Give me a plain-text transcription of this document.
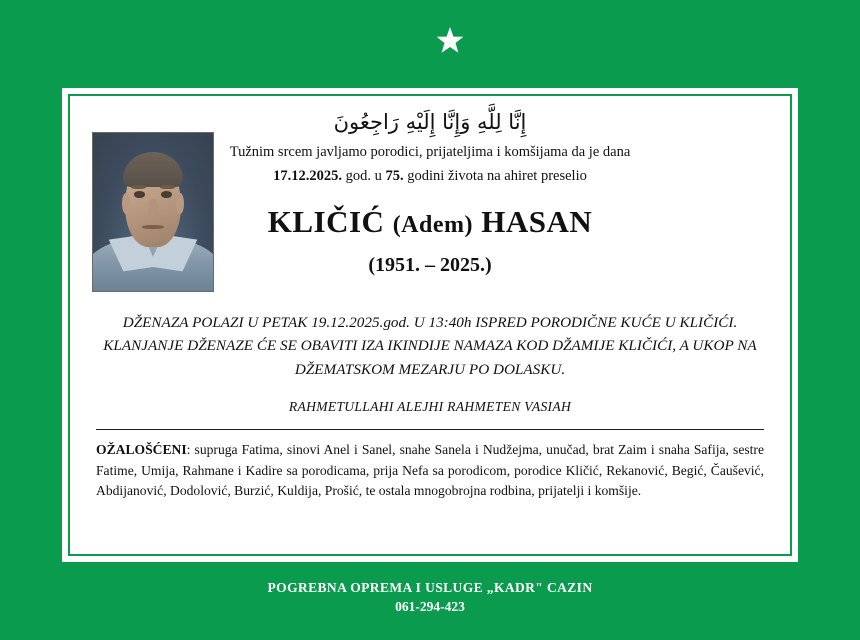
إِنَّا لِلَّهِ وَإِنَّا إِلَيْهِ رَاجِعُونَ
Tužnim srcem javljamo porodici, prijateljima i komšijama da je dana
17.12.2025. god. u 75. godini života na ahiret preselio
KLIČIĆ (Adem) HASAN
(1951. – 2025.)
DŽENAZA POLAZI U PETAK 19.12.2025.god. U 13:40h ISPRED PORODIČNE KUĆE U KLIČIĆI. KLANJANJE DŽENAZE ĆE SE OBAVITI IZA IKINDIJE NAMAZA KOD DŽAMIJE KLIČIĆI, A UKOP NA DŽEMATSKOM MEZARJU PO DOLASKU.
RAHMETULLAHI ALEJHI RAHMETEN VASIAH
OŽALOŠĆENI: supruga Fatima, sinovi Anel i Sanel, snahe Sanela i Nudžejma, unučad, brat Zaim i snaha Safija, sestre Fatime, Umija, Rahmane i Kadire sa porodicama, prija Nefa sa porodicom, porodice Kličić, Rekanović, Begić, Čaušević, Abdijanović, Dodolović, Burzić, Kuldija, Prošić, te ostala mnogobrojna rodbina, prijatelji i komšije.
POGREBNA OPREMA I USLUGE „KADR" CAZIN
061-294-423
